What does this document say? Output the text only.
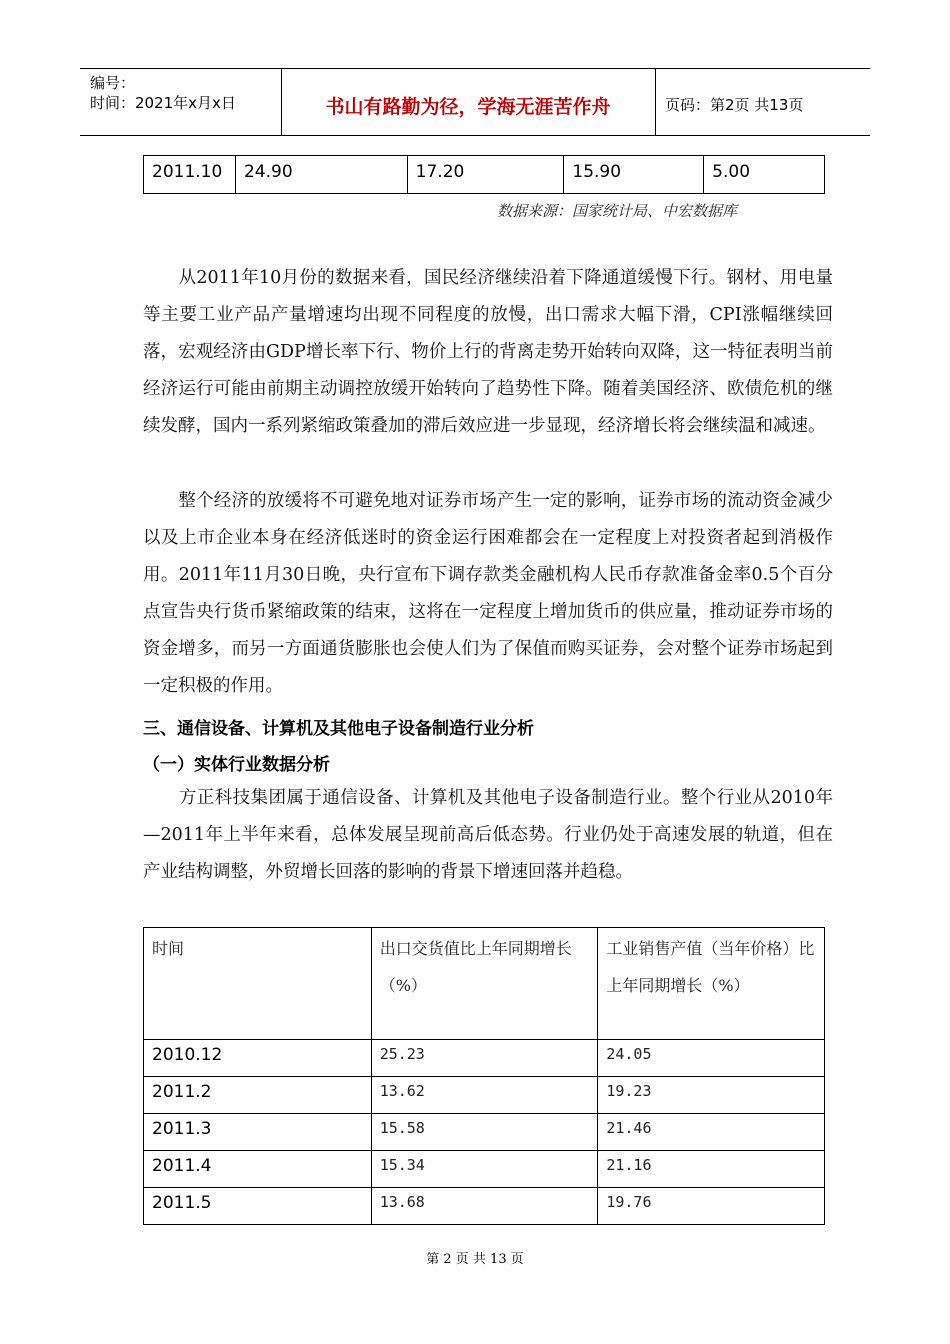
编号：
时间：2021年x月x日	书山有路勤为径，学海无涯苦作舟	页码：第2页 共13页
2011.10	24.90	17.20	15.90	5.00
数据来源：国家统计局、中宏数据库

　　从2011年10月份的数据来看，国民经济继续沿着下降通道缓慢下行。钢材、用电量等主要工业产品产量增速均出现不同程度的放慢，出口需求大幅下滑，CPI涨幅继续回落，宏观经济由GDP增长率下行、物价上行的背离走势开始转向双降，这一特征表明当前经济运行可能由前期主动调控放缓开始转向了趋势性下降。随着美国经济、欧债危机的继续发酵，国内一系列紧缩政策叠加的滞后效应进一步显现，经济增长将会继续温和减速。

　　整个经济的放缓将不可避免地对证券市场产生一定的影响，证券市场的流动资金减少以及上市企业本身在经济低迷时的资金运行困难都会在一定程度上对投资者起到消极作用。2011年11月30日晚，央行宣布下调存款类金融机构人民币存款准备金率0.5个百分点宣告央行货币紧缩政策的结束，这将在一定程度上增加货币的供应量，推动证券市场的资金增多，而另一方面通货膨胀也会使人们为了保值而购买证券，会对整个证券市场起到一定积极的作用。

三、通信设备、计算机及其他电子设备制造行业分析
（一）实体行业数据分析

　　方正科技集团属于通信设备、计算机及其他电子设备制造行业。整个行业从2010年—2011年上半年来看，总体发展呈现前高后低态势。行业仍处于高速发展的轨道，但在产业结构调整，外贸增长回落的影响的背景下增速回落并趋稳。

时间	出口交货值比上年同期增长（%）	工业销售产值（当年价格）比上年同期增长（%）
2010.12	25.23	24.05
2011.2	13.62	19.23
2011.3	15.58	21.46
2011.4	15.34	21.16
2011.5	13.68	19.76
第 2 页 共 13 页
